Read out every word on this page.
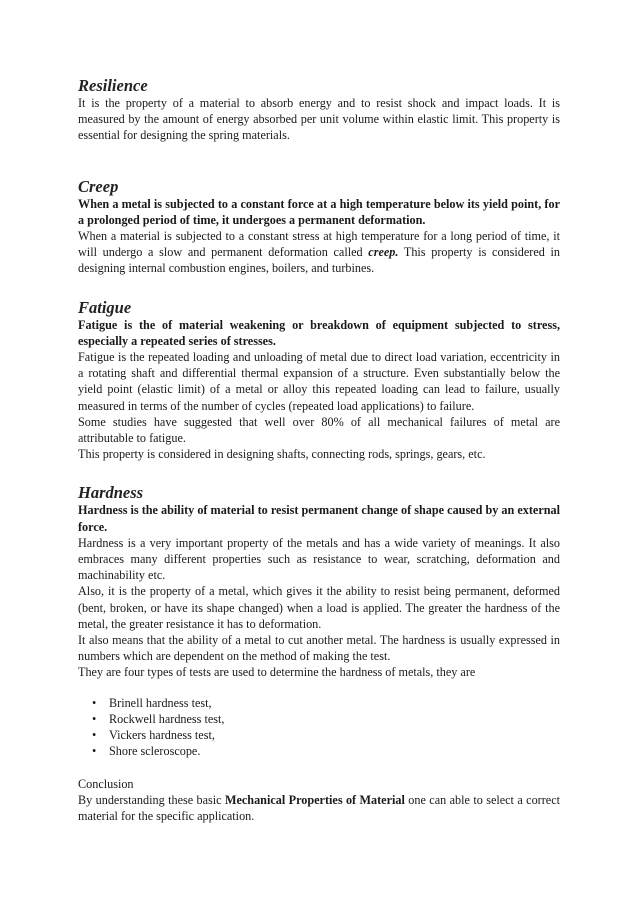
Resilience

It is the property of a material to absorb energy and to resist shock and impact loads. It is measured by the amount of energy absorbed per unit volume within elastic limit. This property is essential for designing the spring materials.

Creep

When a metal is subjected to a constant force at a high temperature below its yield point, for a prolonged period of time, it undergoes a permanent deformation.

When a material is subjected to a constant stress at high temperature for a long period of time, it will undergo a slow and permanent deformation called creep. This property is considered in designing internal combustion engines, boilers, and turbines.

Fatigue

Fatigue is the of material weakening or breakdown of equipment subjected to stress, especially a repeated series of stresses.

Fatigue is the repeated loading and unloading of metal due to direct load variation, eccentricity in a rotating shaft and differential thermal expansion of a structure. Even substantially below the yield point (elastic limit) of a metal or alloy this repeated loading can lead to failure, usually measured in terms of the number of cycles (repeated load applications) to failure.

Some studies have suggested that well over 80% of all mechanical failures of metal are attributable to fatigue.

This property is considered in designing shafts, connecting rods, springs, gears, etc.

Hardness

Hardness is the ability of material to resist permanent change of shape caused by an external force.

Hardness is a very important property of the metals and has a wide variety of meanings. It also embraces many different properties such as resistance to wear, scratching, deformation and machinability etc.

Also, it is the property of a metal, which gives it the ability to resist being permanent, deformed (bent, broken, or have its shape changed) when a load is applied. The greater the hardness of the metal, the greater resistance it has to deformation.

It also means that the ability of a metal to cut another metal. The hardness is usually expressed in numbers which are dependent on the method of making the test.

They are four types of tests are used to determine the hardness of metals, they are

• Brinell hardness test,
• Rockwell hardness test,
• Vickers hardness test,
• Shore scleroscope.

Conclusion

By understanding these basic Mechanical Properties of Material one can able to select a correct material for the specific application.
